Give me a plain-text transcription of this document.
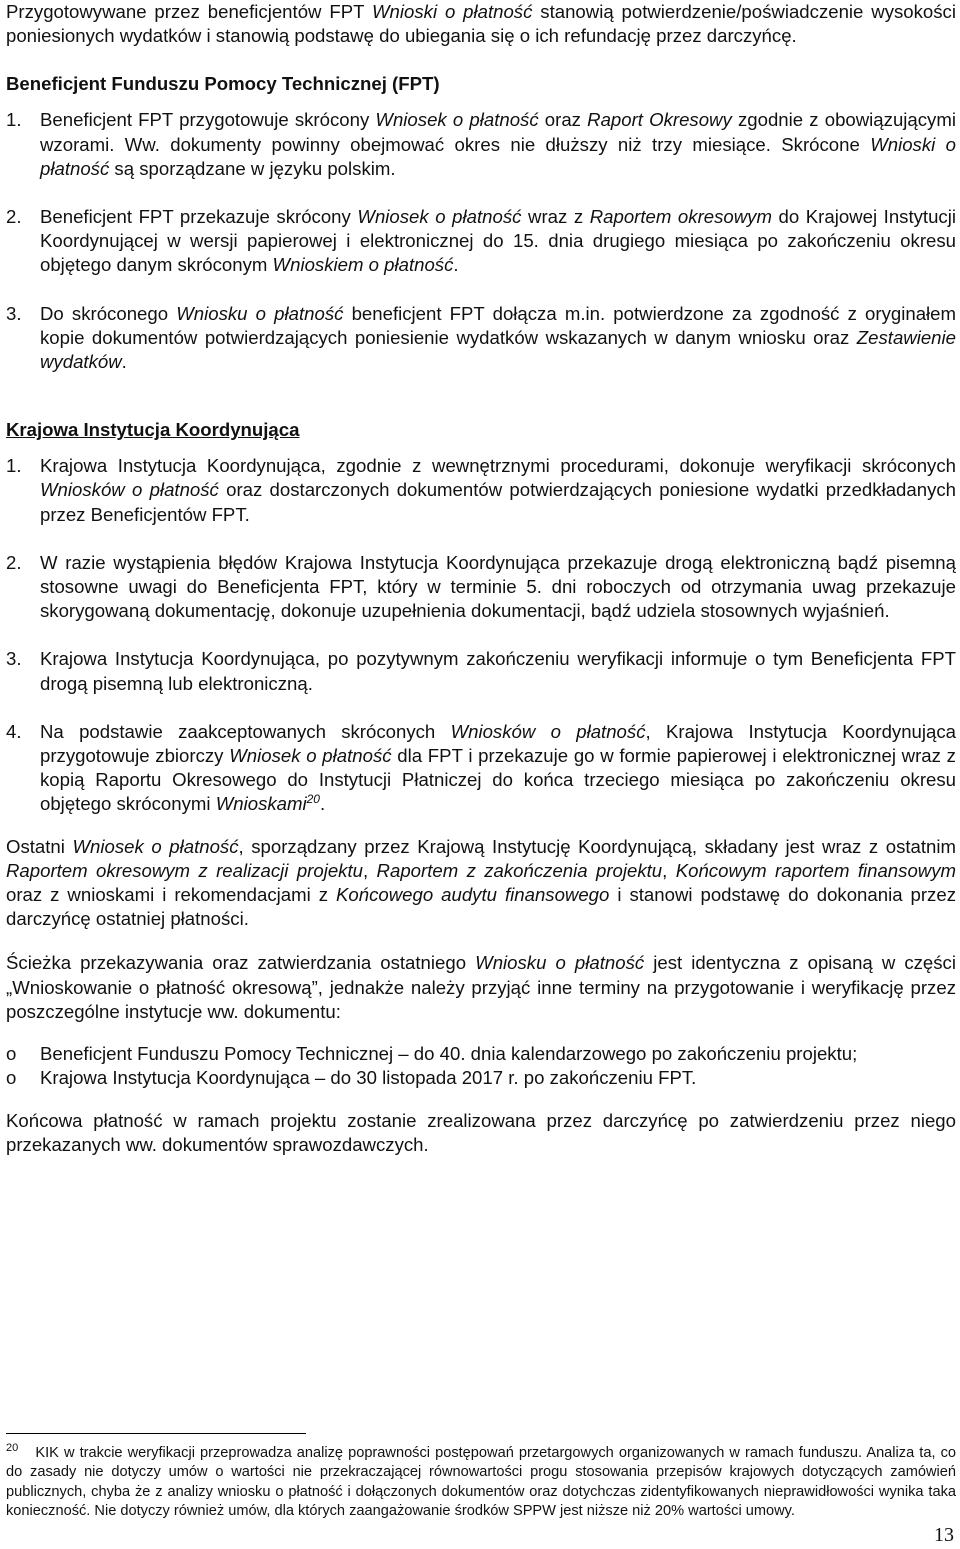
Przygotowywane przez beneficjentów FPT Wnioski o płatność stanowią potwierdzenie/poświadczenie wysokości poniesionych wydatków i stanowią podstawę do ubiegania się o ich refundację przez darczyńcę.

Beneficjent Funduszu Pomocy Technicznej (FPT)

1. Beneficjent FPT przygotowuje skrócony Wniosek o płatność oraz Raport Okresowy zgodnie z obowiązującymi wzorami. Ww. dokumenty powinny obejmować okres nie dłuższy niż trzy miesiące. Skrócone Wnioski o płatność są sporządzane w języku polskim.
2. Beneficjent FPT przekazuje skrócony Wniosek o płatność wraz z Raportem okresowym do Krajowej Instytucji Koordynującej w wersji papierowej i elektronicznej do 15. dnia drugiego miesiąca po zakończeniu okresu objętego danym skróconym Wnioskiem o płatność.
3. Do skróconego Wniosku o płatność beneficjent FPT dołącza m.in. potwierdzone za zgodność z oryginałem kopie dokumentów potwierdzających poniesienie wydatków wskazanych w danym wniosku oraz Zestawienie wydatków.

Krajowa Instytucja Koordynująca

1. Krajowa Instytucja Koordynująca, zgodnie z wewnętrznymi procedurami, dokonuje weryfikacji skróconych Wniosków o płatność oraz dostarczonych dokumentów potwierdzających poniesione wydatki przedkładanych przez Beneficjentów FPT.
2. W razie wystąpienia błędów Krajowa Instytucja Koordynująca przekazuje drogą elektroniczną bądź pisemną stosowne uwagi do Beneficjenta FPT, który w terminie 5. dni roboczych od otrzymania uwag przekazuje skorygowaną dokumentację, dokonuje uzupełnienia dokumentacji, bądź udziela stosownych wyjaśnień.
3. Krajowa Instytucja Koordynująca, po pozytywnym zakończeniu weryfikacji informuje o tym Beneficjenta FPT drogą pisemną lub elektroniczną.
4. Na podstawie zaakceptowanych skróconych Wniosków o płatność, Krajowa Instytucja Koordynująca przygotowuje zbiorczy Wniosek o płatność dla FPT i przekazuje go w formie papierowej i elektronicznej wraz z kopią Raportu Okresowego do Instytucji Płatniczej do końca trzeciego miesiąca po zakończeniu okresu objętego skróconymi Wnioskami$^{20}$.

Ostatni Wniosek o płatność, sporządzany przez Krajową Instytucję Koordynującą, składany jest wraz z ostatnim Raportem okresowym z realizacji projektu, Raportem z zakończenia projektu, Końcowym raportem finansowym oraz z wnioskami i rekomendacjami z Końcowego audytu finansowego i stanowi podstawę do dokonania przez darczyńcę ostatniej płatności.

Ścieżka przekazywania oraz zatwierdzania ostatniego Wniosku o płatność jest identyczna z opisaną w części „Wnioskowanie o płatność okresową”, jednakże należy przyjąć inne terminy na przygotowanie i weryfikację przez poszczególne instytucje ww. dokumentu:

o	Beneficjent Funduszu Pomocy Technicznej – do 40. dnia kalendarzowego po zakończeniu projektu;
o	Krajowa Instytucja Koordynująca – do 30 listopada 2017 r. po zakończeniu FPT.

Końcowa płatność w ramach projektu zostanie zrealizowana przez darczyńcę po zatwierdzeniu przez niego przekazanych ww. dokumentów sprawozdawczych.

$^{20}$ KIK w trakcie weryfikacji przeprowadza analizę poprawności postępowań przetargowych organizowanych w ramach funduszu. Analiza ta, co do zasady nie dotyczy umów o wartości nie przekraczającej równowartości progu stosowania przepisów krajowych dotyczących zamówień publicznych, chyba że z analizy wniosku o płatność i dołączonych dokumentów oraz dotychczas zidentyfikowanych nieprawidłowości wynika taka konieczność. Nie dotyczy również umów, dla których zaangażowanie środków SPPW jest niższe niż 20% wartości umowy.
13
